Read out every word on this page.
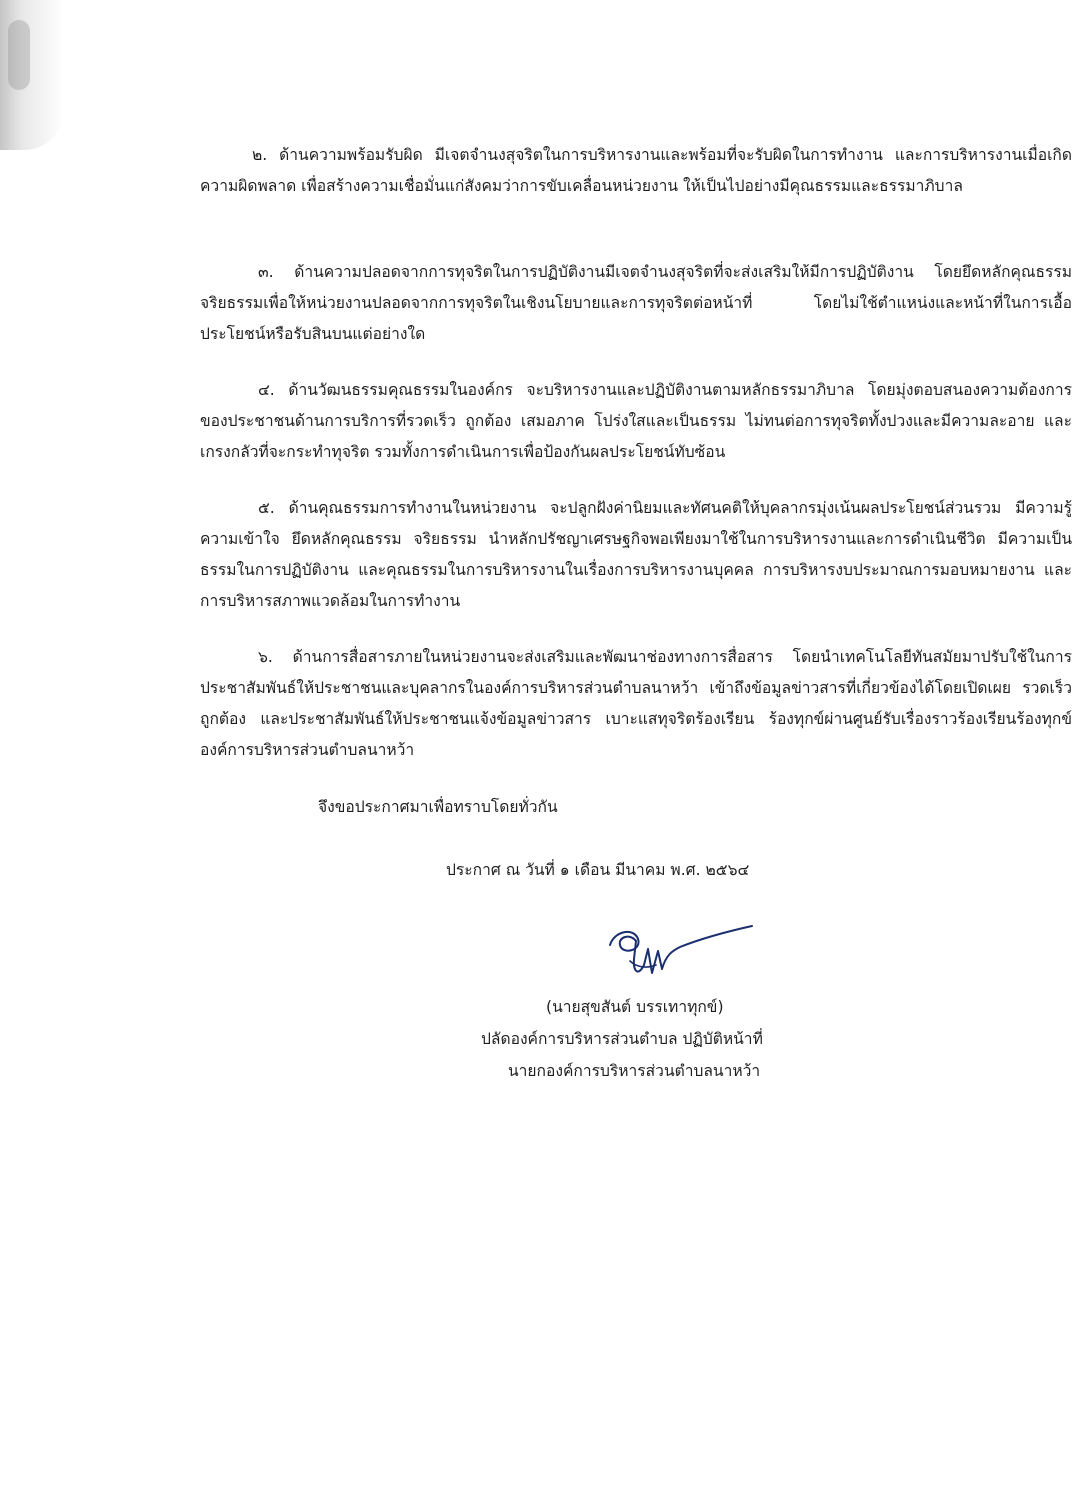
๒. ด้านความพร้อมรับผิด มีเจตจำนงสุจริตในการบริหารงานและพร้อมที่จะรับผิดในการทำงาน และการบริหารงานเมื่อเกิดความผิดพลาด เพื่อสร้างความเชื่อมั่นแก่สังคมว่าการขับเคลื่อนหน่วยงาน ให้เป็นไปอย่างมีคุณธรรมและธรรมาภิบาล

๓. ด้านความปลอดจากการทุจริตในการปฏิบัติงานมีเจตจำนงสุจริตที่จะส่งเสริมให้มีการปฏิบัติงาน โดยยึดหลักคุณธรรมจริยธรรมเพื่อให้หน่วยงานปลอดจากการทุจริตในเชิงนโยบายและการทุจริตต่อหน้าที่ โดยไม่ใช้ตำแหน่งและหน้าที่ในการเอื้อประโยชน์หรือรับสินบนแต่อย่างใด

๔. ด้านวัฒนธรรมคุณธรรมในองค์กร จะบริหารงานและปฏิบัติงานตามหลักธรรมาภิบาล โดยมุ่งตอบสนองความต้องการของประชาชนด้านการบริการที่รวดเร็ว ถูกต้อง เสมอภาค โปร่งใสและเป็นธรรม ไม่ทนต่อการทุจริตทั้งปวงและมีความละอาย และเกรงกลัวที่จะกระทำทุจริต รวมทั้งการดำเนินการเพื่อป้องกันผลประโยชน์ทับซ้อน

๕. ด้านคุณธรรมการทำงานในหน่วยงาน จะปลูกฝังค่านิยมและทัศนคติให้บุคลากรมุ่งเน้นผลประโยชน์ส่วนรวม มีความรู้ ความเข้าใจ ยึดหลักคุณธรรม จริยธรรม นำหลักปรัชญาเศรษฐกิจพอเพียงมาใช้ในการบริหารงานและการดำเนินชีวิต มีความเป็นธรรมในการปฏิบัติงาน และคุณธรรมในการบริหารงานในเรื่องการบริหารงานบุคคล การบริหารงบประมาณการมอบหมายงาน และการบริหารสภาพแวดล้อมในการทำงาน

๖. ด้านการสื่อสารภายในหน่วยงานจะส่งเสริมและพัฒนาช่องทางการสื่อสาร โดยนำเทคโนโลยีทันสมัยมาปรับใช้ในการประชาสัมพันธ์ให้ประชาชนและบุคลากรในองค์การบริหารส่วนตำบลนาหว้า เข้าถึงข้อมูลข่าวสารที่เกี่ยวข้องได้โดยเปิดเผย รวดเร็ว ถูกต้อง และประชาสัมพันธ์ให้ประชาชนแจ้งข้อมูลข่าวสาร เบาะแสทุจริตร้องเรียน ร้องทุกข์ผ่านศูนย์รับเรื่องราวร้องเรียนร้องทุกข์ องค์การบริหารส่วนตำบลนาหว้า

จึงขอประกาศมาเพื่อทราบโดยทั่วกัน

ประกาศ ณ วันที่ ๑ เดือน มีนาคม พ.ศ. ๒๕๖๔

(นายสุขสันต์ บรรเทาทุกข์)

ปลัดองค์การบริหารส่วนตำบล ปฏิบัติหน้าที่

นายกองค์การบริหารส่วนตำบลนาหว้า
